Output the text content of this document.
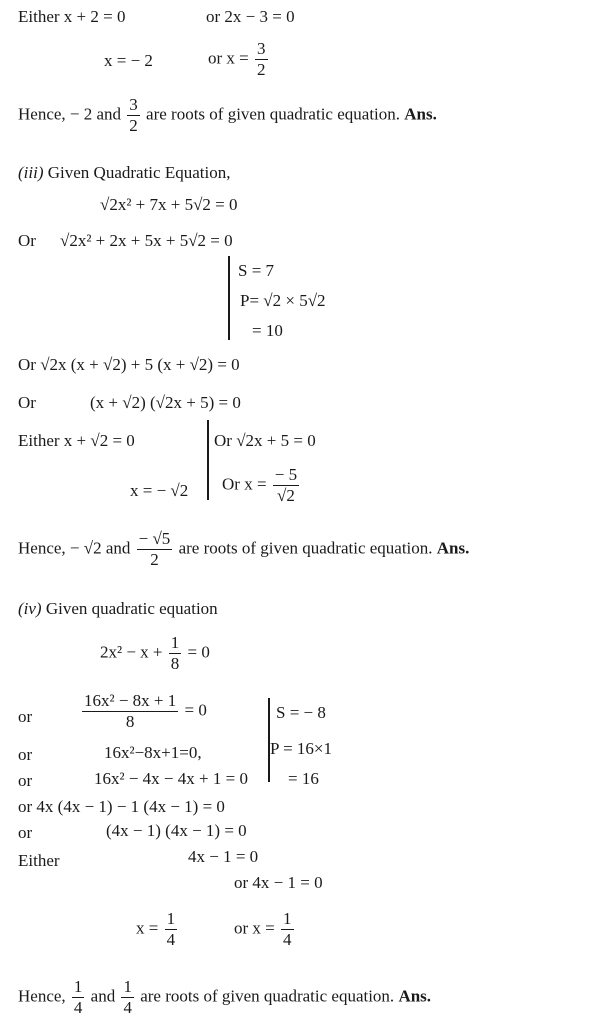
Either x + 2 = 0	or 2x − 3 = 0
x = − 2	or $x = \frac{3}{2}$
Hence, − 2 and $\frac{3}{2}$ are roots of given quadratic equation. Ans.
(iii) Given Quadratic Equation,
√2x² + 7x + 5√2 = 0
Or √2x² + 2x + 5x + 5√2 = 0
S = 7
P= √2 × 5√2
= 10
Or √2x (x + √2) + 5 (x + √2) = 0
Or	(x + √2) (√2x + 5) = 0
Either x + √2 = 0	Or √2x + 5 = 0
x = − √2 Or $x = \frac{- 5}{√2}$
Hence, − √2 and $\frac{- √5}{2}$ are roots of given quadratic equation. Ans.
(iv) Given quadratic equation
$2x^2 - x + \frac{1}{8} = 0$
or	$\frac{\text{16x² − 8x + 1}}{8} = 0$	S = − 8
or	16x²−8x+1=0,	P = 16×1
or	16x² − 4x − 4x + 1 = 0 = 16
or 4x (4x − 1) − 1 (4x − 1) = 0
or	(4x − 1) (4x − 1) = 0
Either	4x − 1 = 0
or 4x − 1 = 0
$x = \frac{1}{4}$	or $x = \frac{1}{4}$
Hence, $\frac{1}{4}$ and $\frac{1}{4}$ are roots of given quadratic equation. Ans.
